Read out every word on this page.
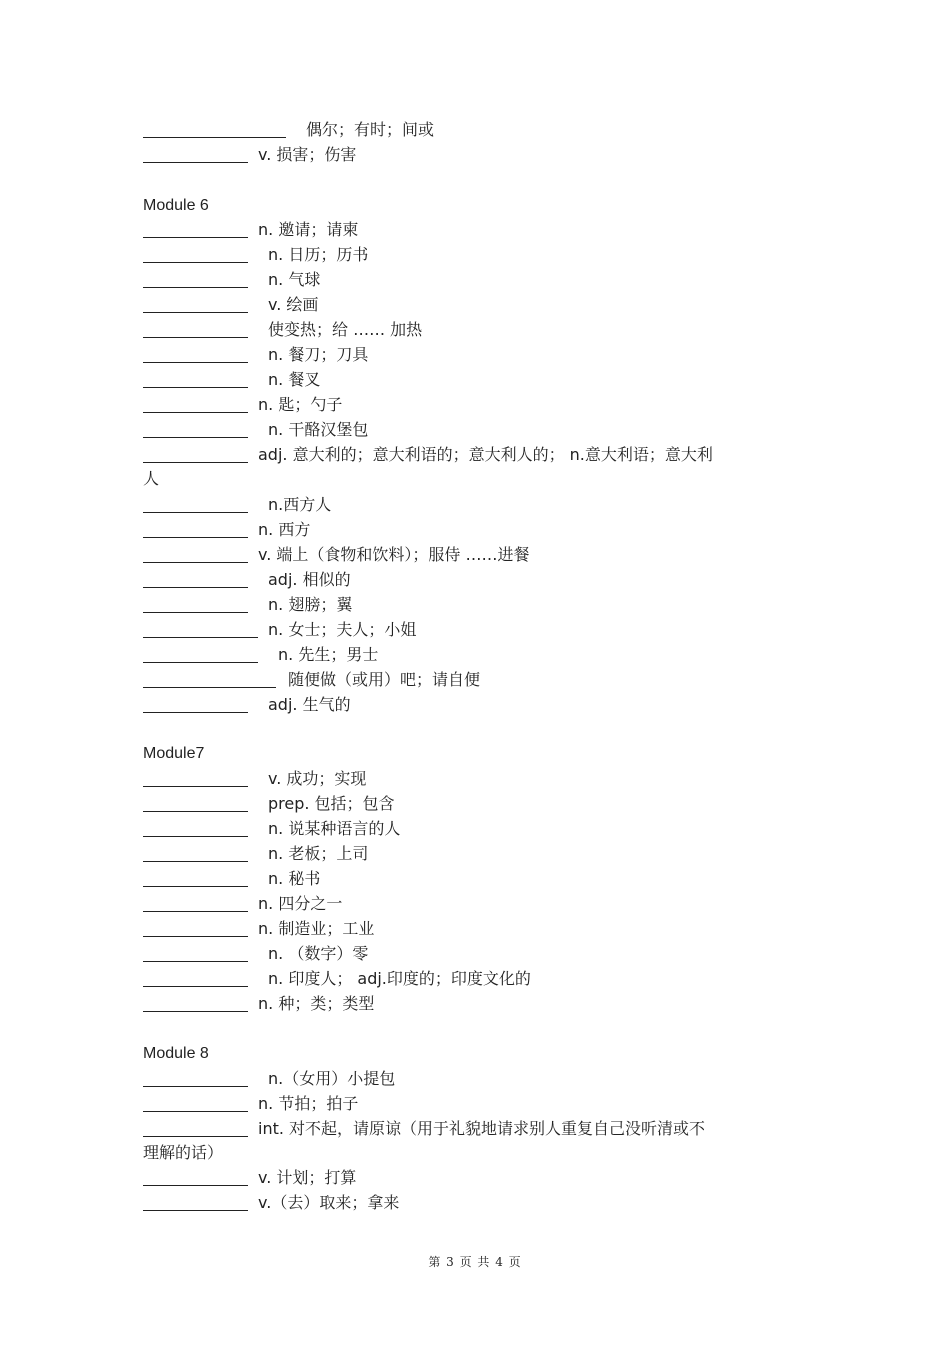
偶尔；有时；间或
v. 损害；伤害
Module 6
n. 邀请；请柬
n. 日历；历书
n. 气球
v. 绘画
使变热；给 …… 加热
n. 餐刀；刀具
n. 餐叉
n. 匙；勺子
n. 干酪汉堡包
adj. 意大利的；意大利语的；意大利人的； n.意大利语；意大利
人
n.西方人
n. 西方
v. 端上（食物和饮料）；服侍 ……进餐
adj. 相似的
n. 翅膀；翼
n. 女士；夫人；小姐
n. 先生；男士
随便做（或用）吧；请自便
adj. 生气的
Module7
v. 成功；实现
prep. 包括；包含
n. 说某种语言的人
n. 老板；上司
n. 秘书
n. 四分之一
n. 制造业；工业
n. （数字）零
n. 印度人； adj.印度的；印度文化的
n. 种；类；类型
Module 8
n.（女用）小提包
n. 节拍；拍子
int. 对不起，请原谅（用于礼貌地请求别人重复自己没听清或不
理解的话）
v. 计划；打算
v.（去）取来；拿来
第 3 页 共 4 页
